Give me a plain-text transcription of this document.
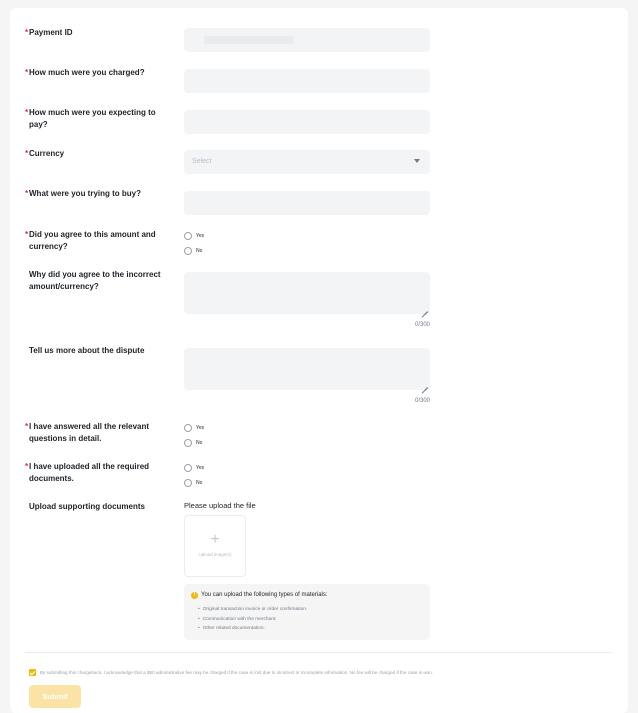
* Payment ID
* How much were you charged?
* How much were you expecting to pay?
* Currency
Select
* What were you trying to buy?
* Did you agree to this amount and currency?
Yes
No
Why did you agree to the incorrect amount/currency?
0/300
Tell us more about the dispute
0/300
* I have answered all the relevant questions in detail.
Yes
No
* I have uploaded all the required documents.
Yes
No
Upload supporting documents	Please upload the file
+
Upload image(s)
! You can upload the following types of materials:
• Original transaction invoice or order confirmation.
• Communication with the merchant.
• Other related documentation.
By submitting this chargeback, I acknowledge that a $50 administrative fee may be charged if the case is lost due to incorrect or incomplete information. No fee will be charged if the case is won.
Submit
